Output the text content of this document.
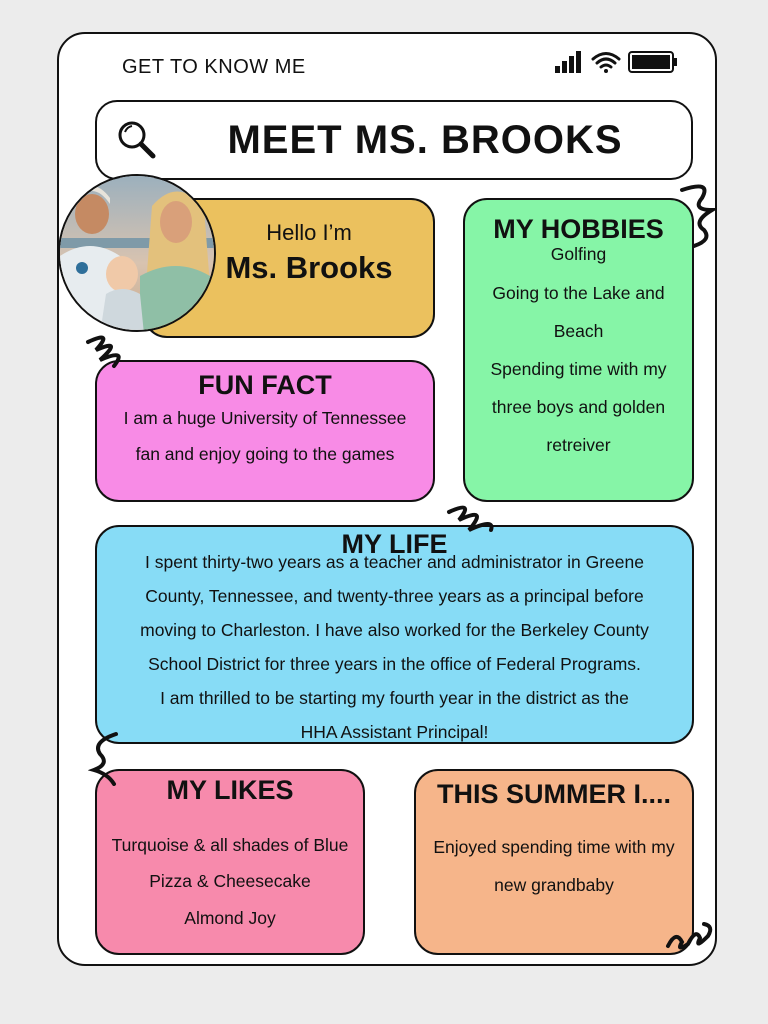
GET TO KNOW ME
MEET MS. BROOKS
Hello I’m
Ms. Brooks
MY HOBBIES
Golfing
Going to the Lake and
Beach
Spending time with my
three boys and golden
retreiver
FUN FACT
I am a huge University of Tennessee
fan and enjoy going to the games
MY LIFE
I spent thirty-two years as a teacher and administrator in Greene
County, Tennessee, and twenty-three years as a principal before
moving to Charleston. I have also worked for the Berkeley County
School District for three years in the office of Federal Programs.
I am thrilled to be starting my fourth year in the district as the
HHA Assistant Principal!
MY LIKES
Turquoise & all shades of Blue
Pizza & Cheesecake
Almond Joy
THIS SUMMER I....
Enjoyed spending time with my
new grandbaby
